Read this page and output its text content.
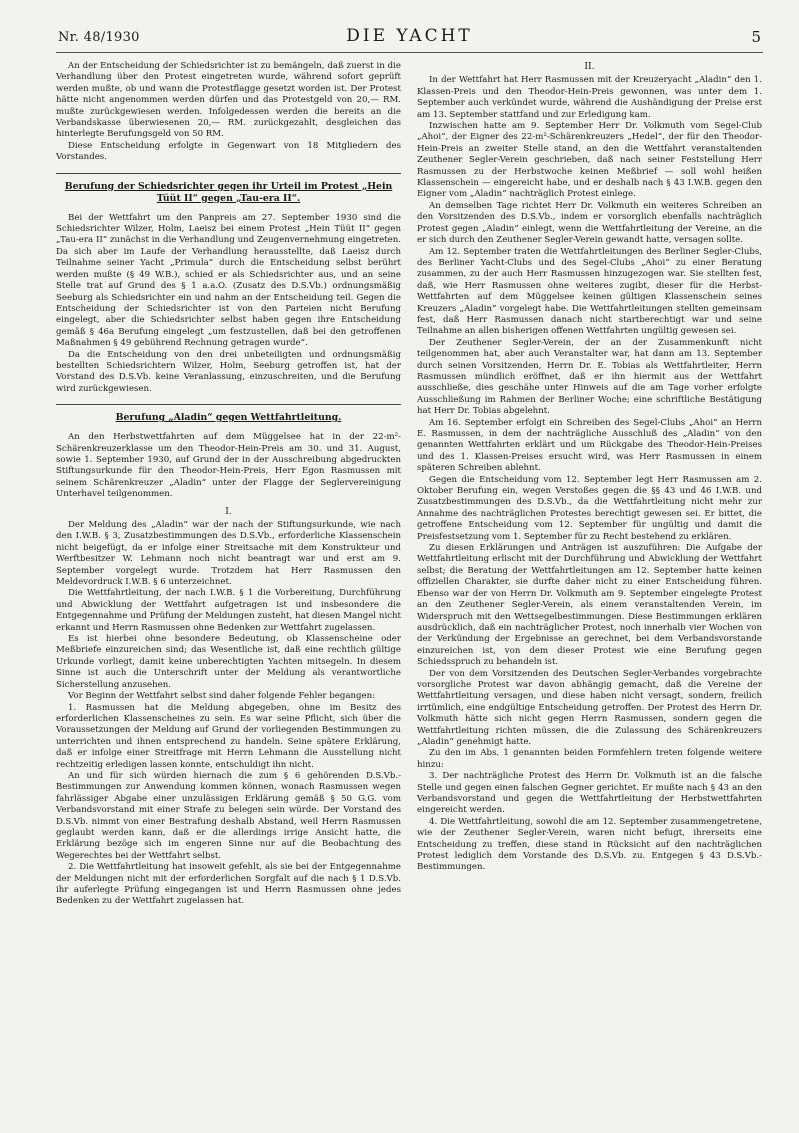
Nr. 48/1930	DIE YACHT	5

An der Entscheidung der Schiedsrichter ist zu bemängeln, daß zuerst in die Verhandlung über den Protest eingetreten wurde, während sofort geprüft werden mußte, ob und wann die Protestflagge gesetzt worden ist. Der Protest hätte nicht angenommen werden dürfen und das Protestgeld von 20,— RM. mußte zurückgewiesen werden. Infolgedessen werden die bereits an die Verbandskasse überwiesenen 20,— RM. zurückgezahlt, desgleichen das hinterlegte Berufungsgeld von 50 RM.

Diese Entscheidung erfolgte in Gegenwart von 18 Mitgliedern des Vorstandes.

Berufung der Schiedsrichter gegen ihr Urteil im Protest „Hein Tüüt II“ gegen „Tau-era II“.

Bei der Wettfahrt um den Panpreis am 27. September 1930 sind die Schiedsrichter Wilzer, Holm, Laeisz bei einem Protest „Hein Tüüt II“ gegen „Tau-era II“ zunächst in die Verhandlung und Zeugenvernehmung eingetreten. Da sich aber im Laufe der Verhandlung herausstellte, daß Laeisz durch Teilnahme seiner Yacht „Primula“ durch die Entscheidung selbst berührt werden mußte (§ 49 W.B.), schied er als Schiedsrichter aus, und an seine Stelle trat auf Grund des § 1 a.a.O. (Zusatz des D.S.Vb.) ordnungsmäßig Seeburg als Schiedsrichter ein und nahm an der Entscheidung teil. Gegen die Entscheidung der Schiedsrichter ist von den Parteien nicht Berufung eingelegt, aber die Schiedsrichter selbst haben gegen ihre Entscheidung gemäß § 46a Berufung eingelegt „um festzustellen, daß bei den getroffenen Maßnahmen § 49 gebührend Rechnung getragen wurde“.

Da die Entscheidung von den drei unbeteiligten und ordnungsmäßig bestellten Schiedsrichtern Wilzer, Holm, Seeburg getroffen ist, hat der Vorstand des D.S.Vb. keine Veranlassung, einzuschreiten, und die Berufung wird zurückgewiesen.

Berufung „Aladin“ gegen Wettfahrtleitung.

An den Herbstwettfahrten auf dem Müggelsee hat in der 22-m²-Schärenkreuzerklasse um den Theodor-Hein-Preis am 30. und 31. August, sowie 1. September 1930, auf Grund der in der Ausschreibung abgedruckten Stiftungsurkunde für den Theodor-Hein-Preis, Herr Egon Rasmussen mit seinem Schärenkreuzer „Aladin“ unter der Flagge der Seglervereinigung Unterhavel teilgenommen.

I.

Der Meldung des „Aladin“ war der nach der Stiftungsurkunde, wie nach den I.W.B. § 3, Zusatzbestimmungen des D.S.Vb., erforderliche Klassenschein nicht beigefügt, da er infolge einer Streitsache mit dem Konstrukteur und Werftbesitzer W. Lehmann noch nicht beantragt war und erst am 9. September vorgelegt wurde. Trotzdem hat Herr Rasmussen den Meldevordruck I.W.B. § 6 unterzeichnet.

Die Wettfahrtleitung, der nach I.W.B. § 1 die Vorbereitung, Durchführung und Abwicklung der Wettfahrt aufgetragen ist und insbesondere die Entgegennahme und Prüfung der Meldungen zusteht, hat diesen Mangel nicht erkannt und Herrn Rasmussen ohne Bedenken zur Wettfahrt zugelassen.

Es ist hierbei ohne besondere Bedeutung, ob Klassenscheine oder Meßbriefe einzureichen sind; das Wesentliche ist, daß eine rechtlich gültige Urkunde vorliegt, damit keine unberechtigten Yachten mitsegeln. In diesem Sinne ist auch die Unterschrift unter der Meldung als verantwortliche Sicherstellung anzusehen.

Vor Beginn der Wettfahrt selbst sind daher folgende Fehler begangen:

1. Rasmussen hat die Meldung abgegeben, ohne im Besitz des erforderlichen Klassenscheines zu sein. Es war seine Pflicht, sich über die Voraussetzungen der Meldung auf Grund der vorliegenden Bestimmungen zu unterrichten und ihnen entsprechend zu handeln. Seine spätere Erklärung, daß er infolge einer Streitfrage mit Herrn Lehmann die Ausstellung nicht rechtzeitig erledigen lassen konnte, entschuldigt ihn nicht.

An und für sich würden hiernach die zum § 6 gehörenden D.S.Vb.-Bestimmungen zur Anwendung kommen können, wonach Rasmussen wegen fahrlässiger Abgabe einer unzulässigen Erklärung gemäß § 50 G.G. vom Verbandsvorstand mit einer Strafe zu belegen sein würde. Der Vorstand des D.S.Vb. nimmt von einer Bestrafung deshalb Abstand, weil Herrn Rasmussen geglaubt werden kann, daß er die allerdings irrige Ansicht hatte, die Erklärung bezöge sich im engeren Sinne nur auf die Beobachtung des Wegerechtes bei der Wettfahrt selbst.

2. Die Wettfahrtleitung hat insoweit gefehlt, als sie bei der Entgegennahme der Meldungen nicht mit der erforderlichen Sorgfalt auf die nach § 1 D.S.Vb. ihr auferlegte Prüfung eingegangen ist und Herrn Rasmussen ohne jedes Bedenken zu der Wettfahrt zugelassen hat.

II.

In der Wettfahrt hat Herr Rasmussen mit der Kreuzeryacht „Aladin“ den 1. Klassen-Preis und den Theodor-Hein-Preis gewonnen, was unter dem 1. September auch verkündet wurde, während die Aushändigung der Preise erst am 13. September stattfand und zur Erledigung kam.

Inzwischen hatte am 9. September Herr Dr. Volkmuth vom Segel-Club „Ahoi“, der Eigner des 22-m²-Schärenkreuzers „Hedel“, der für den Theodor-Hein-Preis an zweiter Stelle stand, an den die Wettfahrt veranstaltenden Zeuthener Segler-Verein geschrieben, daß nach seiner Feststellung Herr Rasmussen zu der Herbstwoche keinen Meßbrief — soll wohl heißen Klassenschein — eingereicht habe, und er deshalb nach § 43 I.W.B. gegen den Eigner vom „Aladin“ nachträglich Protest einlege.

An demselben Tage richtet Herr Dr. Volkmuth ein weiteres Schreiben an den Vorsitzenden des D.S.Vb., indem er vorsorglich ebenfalls nachträglich Protest gegen „Aladin“ einlegt, wenn die Wettfahrtleitung der Vereine, an die er sich durch den Zeuthener Segler-Verein gewandt hatte, versagen sollte.

Am 12. September traten die Wettfahrtleitungen des Berliner Segler-Clubs, des Berliner Yacht-Clubs und des Segel-Clubs „Ahoi“ zu einer Beratung zusammen, zu der auch Herr Rasmussen hinzugezogen war. Sie stellten fest, daß, wie Herr Rasmussen ohne weiteres zugibt, dieser für die Herbst-Wettfahrten auf dem Müggelsee keinen gültigen Klassenschein seines Kreuzers „Aladin“ vorgelegt habe. Die Wettfahrtleitungen stellten gemeinsam fest, daß Herr Rasmussen danach nicht startberechtigt war und seine Teilnahme an allen bisherigen offenen Wettfahrten ungültig gewesen sei.

Der Zeuthener Segler-Verein, der an der Zusammenkunft nicht teilgenommen hat, aber auch Veranstalter war, hat dann am 13. September durch seinen Vorsitzenden, Herrn Dr. E. Tobias als Wettfahrtleiter, Herrn Rasmussen mündlich eröffnet, daß er ihn hiermit aus der Wettfahrt ausschließe, dies geschähe unter Hinweis auf die am Tage vorher erfolgte Ausschließung im Rahmen der Berliner Woche; eine schriftliche Bestätigung hat Herr Dr. Tobias abgelehnt.

Am 16. September erfolgt ein Schreiben des Segel-Clubs „Ahoi“ an Herrn E. Rasmussen, in dem der nachträgliche Ausschluß des „Aladin“ von den genannten Wettfahrten erklärt und um Rückgabe des Theodor-Hein-Preises und des 1. Klassen-Preises ersucht wird, was Herr Rasmussen in einem späteren Schreiben ablehnt.

Gegen die Entscheidung vom 12. September legt Herr Rasmussen am 2. Oktober Berufung ein, wegen Verstoßes gegen die §§ 43 und 46 I.W.B. und Zusatzbestimmungen des D.S.Vb., da die Wettfahrtleitung nicht mehr zur Annahme des nachträglichen Protestes berechtigt gewesen sei. Er bittet, die getroffene Entscheidung vom 12. September für ungültig und damit die Preisfestsetzung vom 1. September für zu Recht bestehend zu erklären.

Zu diesen Erklärungen und Anträgen ist auszuführen: Die Aufgabe der Wettfahrtleitung erlischt mit der Durchführung und Abwicklung der Wettfahrt selbst; die Beratung der Wettfahrtleitungen am 12. September hatte keinen offiziellen Charakter, sie durfte daher nicht zu einer Entscheidung führen. Ebenso war der von Herrn Dr. Volkmuth am 9. September eingelegte Protest an den Zeuthener Segler-Verein, als einem veranstaltenden Verein, im Widerspruch mit den Wettsegelbestimmungen. Diese Bestimmungen erklären ausdrücklich, daß ein nachträglicher Protest, noch innerhalb vier Wochen von der Verkündung der Ergebnisse an gerechnet, bei dem Verbandsvorstande einzureichen ist, von dem dieser Protest wie eine Berufung gegen Schiedsspruch zu behandeln ist.

Der von dem Vorsitzenden des Deutschen Segler-Verbandes vorgebrachte vorsorgliche Protest war davon abhängig gemacht, daß die Vereine der Wettfahrtleitung versagen, und diese haben nicht versagt, sondern, freilich irrtümlich, eine endgültige Entscheidung getroffen. Der Protest des Herrn Dr. Volkmuth hätte sich nicht gegen Herrn Rasmussen, sondern gegen die Wettfahrtleitung richten müssen, die die Zulassung des Schärenkreuzers „Aladin“ genehmigt hatte.

Zu den im Abs. 1 genannten beiden Formfehlern treten folgende weitere hinzu:

3. Der nachträgliche Protest des Herrn Dr. Volkmuth ist an die falsche Stelle und gegen einen falschen Gegner gerichtet. Er mußte nach § 43 an den Verbandsvorstand und gegen die Wettfahrtleitung der Herbstwettfahrten eingereicht werden.

4. Die Wettfahrtleitung, sowohl die am 12. September zusammengetretene, wie der Zeuthener Segler-Verein, waren nicht befugt, ihrerseits eine Entscheidung zu treffen, diese stand in Rücksicht auf den nachträglichen Protest lediglich dem Vorstande des D.S.Vb. zu. Entgegen § 43 D.S.Vb.-Bestimmungen.
